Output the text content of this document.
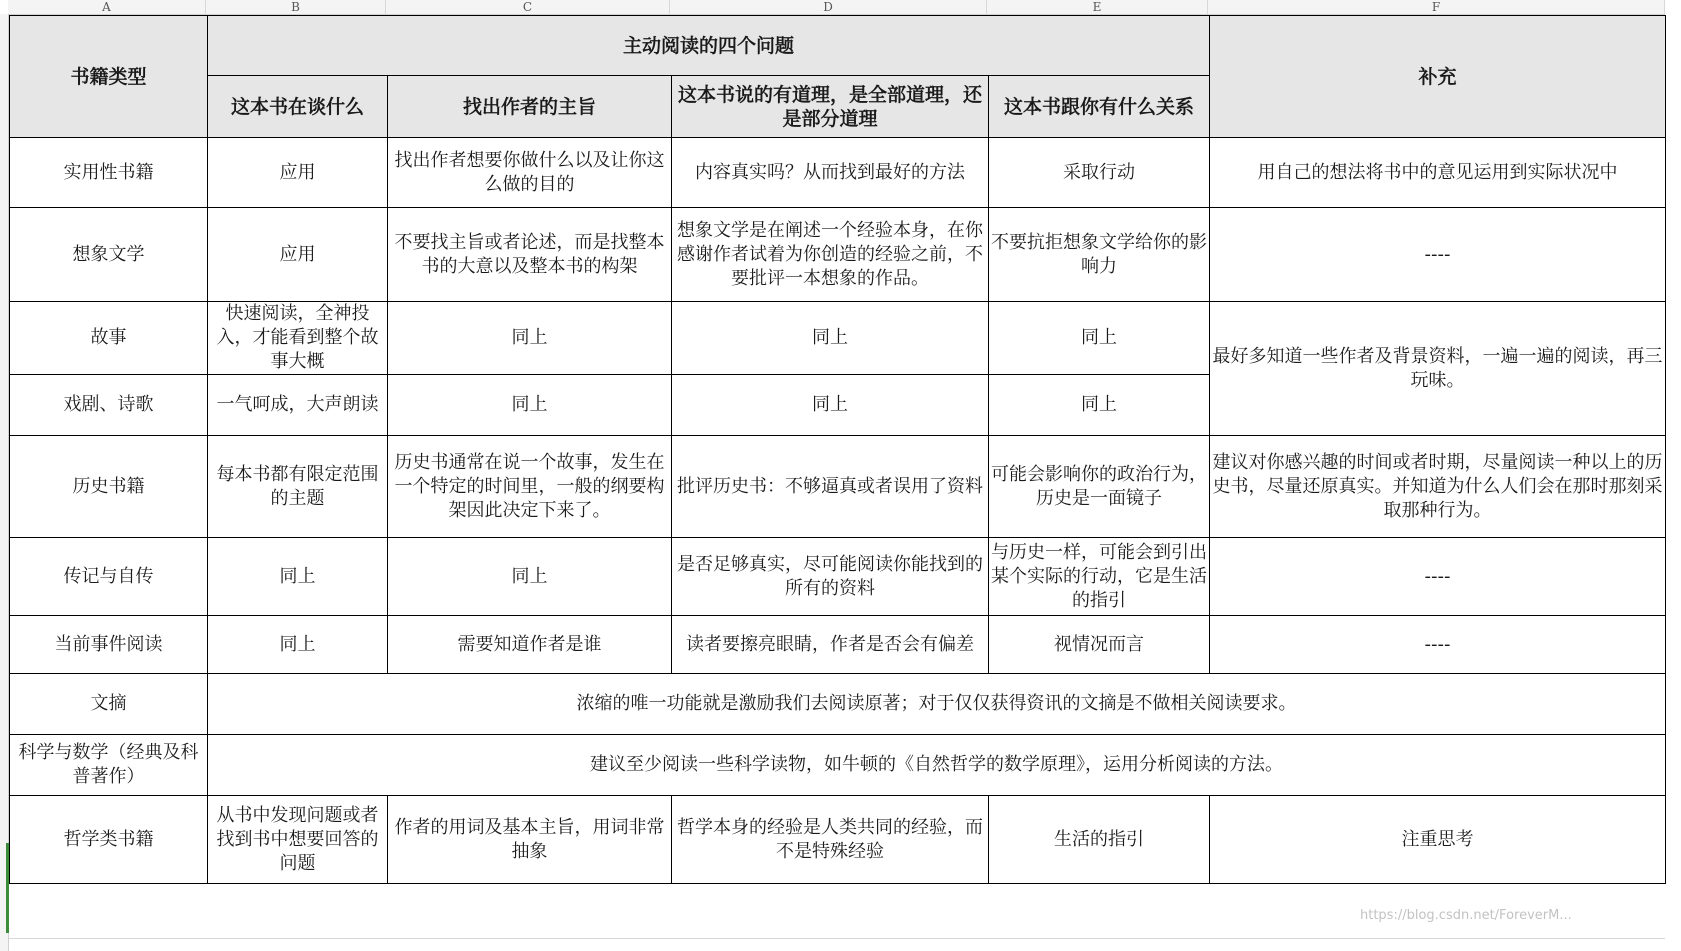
A	B	C	D	E	F
书籍类型	主动阅读的四个问题				补充
	这本书在谈什么	找出作者的主旨	这本书说的有道理，是全部道理，还是部分道理	这本书跟你有什么关系	
实用性书籍	应用	找出作者想要你做什么以及让你这么做的目的	内容真实吗？从而找到最好的方法	采取行动	用自己的想法将书中的意见运用到实际状况中
想象文学	应用	不要找主旨或者论述，而是找整本书的大意以及整本书的构架	想象文学是在阐述一个经验本身，在你感谢作者试着为你创造的经验之前，不要批评一本想象的作品。	不要抗拒想象文学给你的影响力	----
故事	快速阅读，全神投入，才能看到整个故事大概	同上	同上	同上	最好多知道一些作者及背景资料，一遍一遍的阅读，再三玩味。
戏剧、诗歌	一气呵成，大声朗读	同上	同上	同上	
历史书籍	每本书都有限定范围的主题	历史书通常在说一个故事，发生在一个特定的时间里，一般的纲要构架因此决定下来了。	批评历史书：不够逼真或者误用了资料	可能会影响你的政治行为，历史是一面镜子	建议对你感兴趣的时间或者时期，尽量阅读一种以上的历史书，尽量还原真实。并知道为什么人们会在那时那刻采取那种行为。
传记与自传	同上	同上	是否足够真实，尽可能阅读你能找到的所有的资料	与历史一样，可能会到引出某个实际的行动，它是生活的指引	----
当前事件阅读	同上	需要知道作者是谁	读者要擦亮眼睛，作者是否会有偏差	视情况而言	----
文摘	浓缩的唯一功能就是激励我们去阅读原著；对于仅仅获得资讯的文摘是不做相关阅读要求。				
科学与数学（经典及科普著作）	建议至少阅读一些科学读物，如牛顿的《自然哲学的数学原理》，运用分析阅读的方法。				
哲学类书籍	从书中发现问题或者找到书中想要回答的问题	作者的用词及基本主旨，用词非常抽象	哲学本身的经验是人类共同的经验，而不是特殊经验	生活的指引	注重思考
https://blog.csdn.net/ForeverM...
